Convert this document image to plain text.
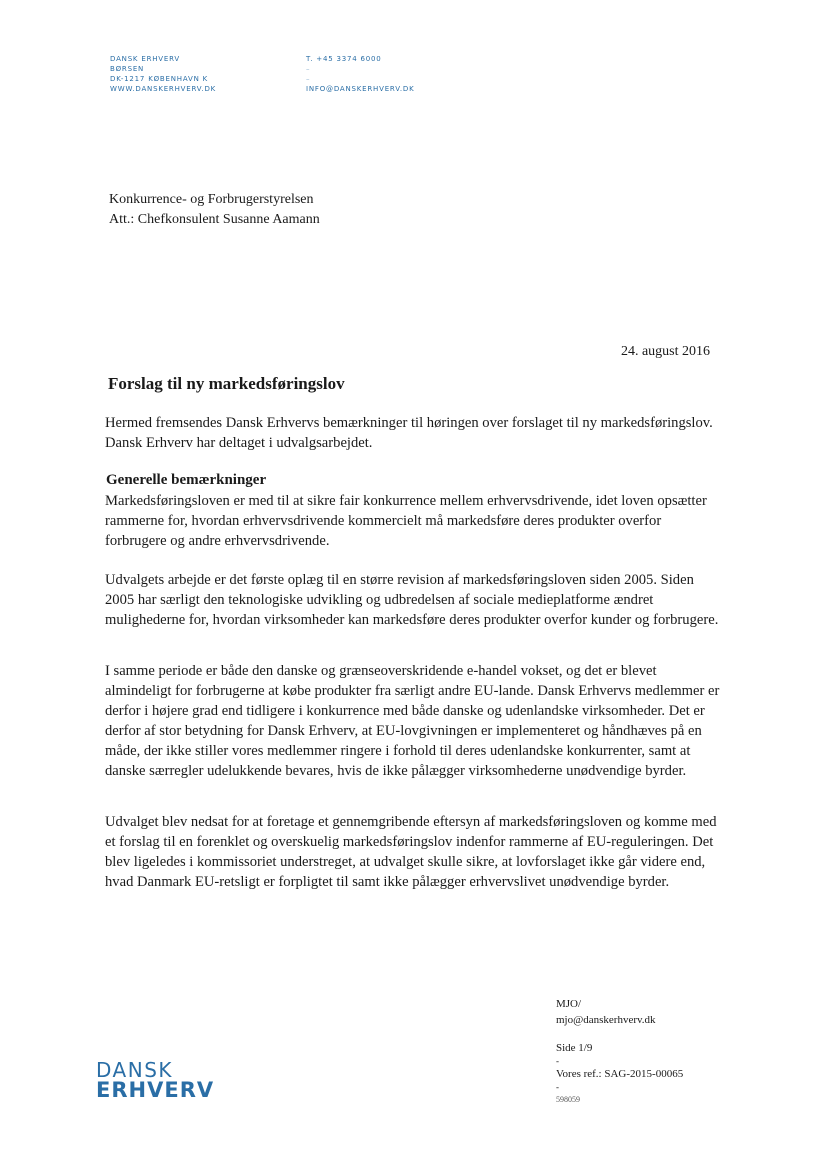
DANSK ERHVERV
BØRSEN
DK-1217 KØBENHAVN K
WWW.DANSKERHVERV.DK
T. +45 3374 6000
–
–
INFO@DANSKERHVERV.DK
Konkurrence- og Forbrugerstyrelsen
Att.: Chefkonsulent Susanne Aamann
24. august 2016
Forslag til ny markedsføringslov

Hermed fremsendes Dansk Erhvervs bemærkninger til høringen over forslaget til ny markedsføringslov. Dansk Erhverv har deltaget i udvalgsarbejdet.

Generelle bemærkninger

Markedsføringsloven er med til at sikre fair konkurrence mellem erhvervsdrivende, idet loven opsætter rammerne for, hvordan erhvervsdrivende kommercielt må markedsføre deres produkter overfor forbrugere og andre erhvervsdrivende.

Udvalgets arbejde er det første oplæg til en større revision af markedsføringsloven siden 2005. Siden 2005 har særligt den teknologiske udvikling og udbredelsen af sociale medieplatforme ændret mulighederne for, hvordan virksomheder kan markedsføre deres produkter overfor kunder og forbrugere.

I samme periode er både den danske og grænseoverskridende e-handel vokset, og det er blevet almindeligt for forbrugerne at købe produkter fra særligt andre EU-lande. Dansk Erhvervs medlemmer er derfor i højere grad end tidligere i konkurrence med både danske og udenlandske virksomheder. Det er derfor af stor betydning for Dansk Erhverv, at EU-lovgivningen er implementeret og håndhæves på en måde, der ikke stiller vores medlemmer ringere i forhold til deres udenlandske konkurrenter, samt at danske særregler udelukkende bevares, hvis de ikke pålægger virksomhederne unødvendige byrder.

Udvalget blev nedsat for at foretage et gennemgribende eftersyn af markedsføringsloven og komme med et forslag til en forenklet og overskuelig markedsføringslov indenfor rammerne af EU-reguleringen. Det blev ligeledes i kommissoriet understreget, at udvalget skulle sikre, at lovforslaget ikke går videre end, hvad Danmark EU-retsligt er forpligtet til samt ikke pålægger erhvervslivet unødvendige byrder.

MJO/
mjo@danskerhverv.dk
Side 1/9
-
Vores ref.: SAG-2015-00065
-
598059
DANSK
ERHVERV
